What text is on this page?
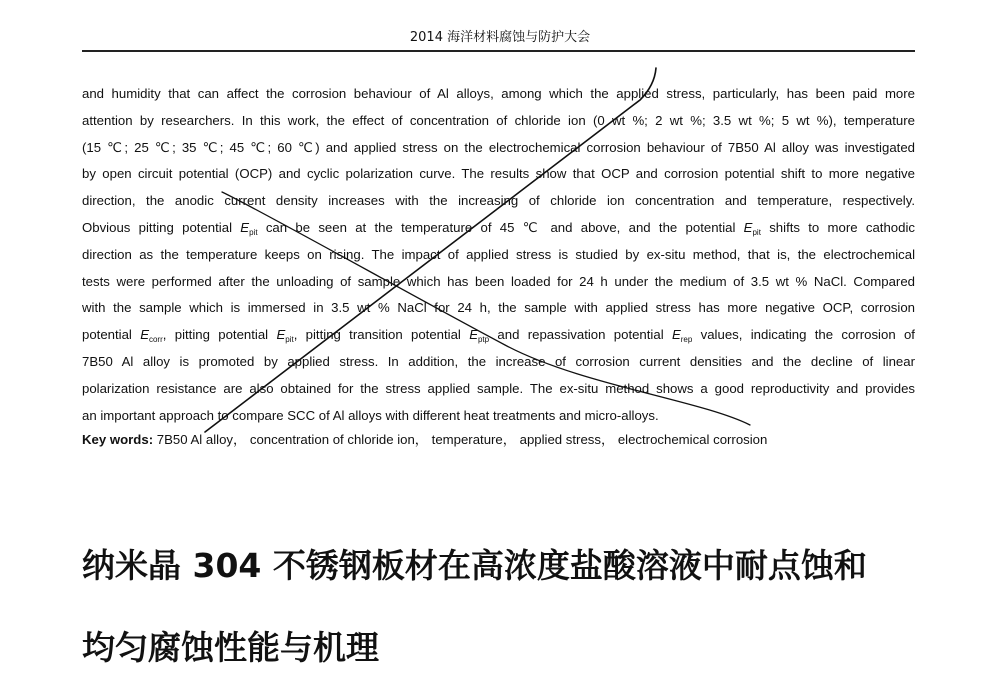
2014 海洋材料腐蚀与防护大会
and humidity that can affect the corrosion behaviour of Al alloys, among which the applied stress, particularly, has been paid more
attention by researchers. In this work, the effect of concentration of chloride ion (0 wt %; 2 wt %; 3.5 wt %; 5 wt %), temperature
(15 ℃; 25 ℃; 35 ℃; 45 ℃; 60 ℃) and applied stress on the electrochemical corrosion behaviour of 7B50 Al alloy was investigated
by open circuit potential (OCP) and cyclic polarization curve. The results show that OCP and corrosion potential shift to more negative
direction, the anodic current density increases with the increasing of chloride ion concentration and temperature, respectively.
Obvious pitting potential $E_{pit}$ can be seen at the temperature of 45 ℃ and above, and the potential $E_{pit}$ shifts to more cathodic
direction as the temperature keeps on rising. The impact of applied stress is studied by ex-situ method, that is, the electrochemical
tests were performed after the unloading of sample which has been loaded for 24 h under the medium of 3.5 wt % NaCl. Compared
with the sample which is immersed in 3.5 wt % NaCl for 24 h, the sample with applied stress has more negative OCP, corrosion
potential $E_{corr}$, pitting potential $E_{pit}$, pitting transition potential $E_{ptp}$ and repassivation potential $E_{rep}$ values, indicating the corrosion of
7B50 Al alloy is promoted by applied stress. In addition, the increase of corrosion current densities and the decline of linear
polarization resistance are also obtained for the stress applied sample. The ex-situ method shows a good reproductivity and provides
an important approach to compare SCC of Al alloys with different heat treatments and micro-alloys.
Key words: 7B50 Al alloy， concentration of chloride ion， temperature， applied stress， electrochemical corrosion
纳米晶 304 不锈钢板材在高浓度盐酸溶液中耐点蚀和
均匀腐蚀性能与机理
